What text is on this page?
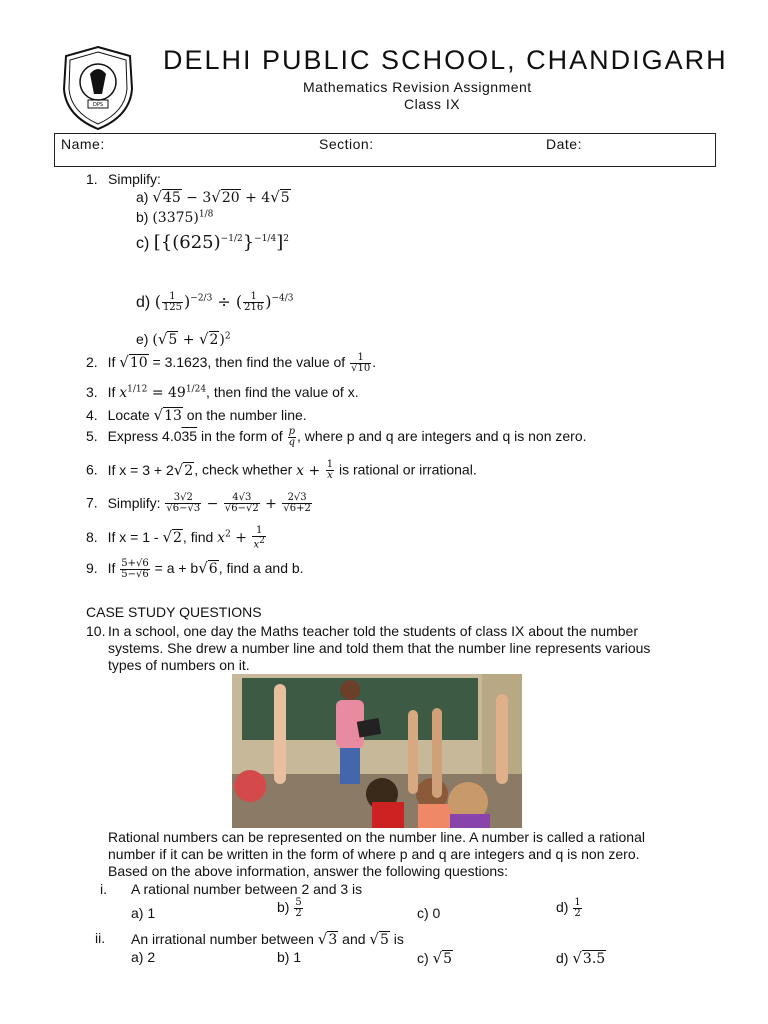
DPS
DELHI PUBLIC SCHOOL, CHANDIGARH
Mathematics Revision Assignment
Class IX
Name:	Section:	Date:
1. Simplify:
a) √45 − 3√20 + 4√5
b) $(3375)^{1/8}$
c) $[\{(625)^{-1/2}\}^{-1/4}]^2$
d) ( $\frac{1}{125} )^{-2/3}$ ÷ ( $\frac{1}{216} )^{-4/3}$
e) $(√5 + √2)^2$
2. If √10 = 3.1623, then find the value of $\frac{1}{√10}$ .
3. If $x^{1/12} = 49^{1/24}$, then find the value of x.
4. Locate √13 on the number line.
5. Express 4.035 in the form of $\frac{p}{q}$ , where p and q are integers and q is non zero.
6. If x = 3 + 2√2, check whether $x + \frac{1}{x}$ is rational or irrational.
7. Simplify: $\frac{3√2}{√6-√3} - \frac{4√3}{√6-√2} + \frac{2√3}{√6+2}$
8. If x = 1 - √2, find $x^2 + \frac{1}{x^2}$
9. If $\frac{5+√6}{5-√6} = a + b√6$, find a and b.
CASE STUDY QUESTIONS
10. In a school, one day the Maths teacher told the students of class IX about the number
systems. She drew a number line and told them that the number line represents various
types of numbers on it.
Rational numbers can be represented on the number line. A number is called a rational
number if it can be written in the form of where p and q are integers and q is non zero.
Based on the above information, answer the following questions:
i. A rational number between 2 and 3 is
a) 1	$b) \frac{5}{2}$	c) 0	$d) \frac{1}{2}$
ii. An irrational number between √3 and √5 is
a) 2	b) 1	c) √5	d) √3.5
